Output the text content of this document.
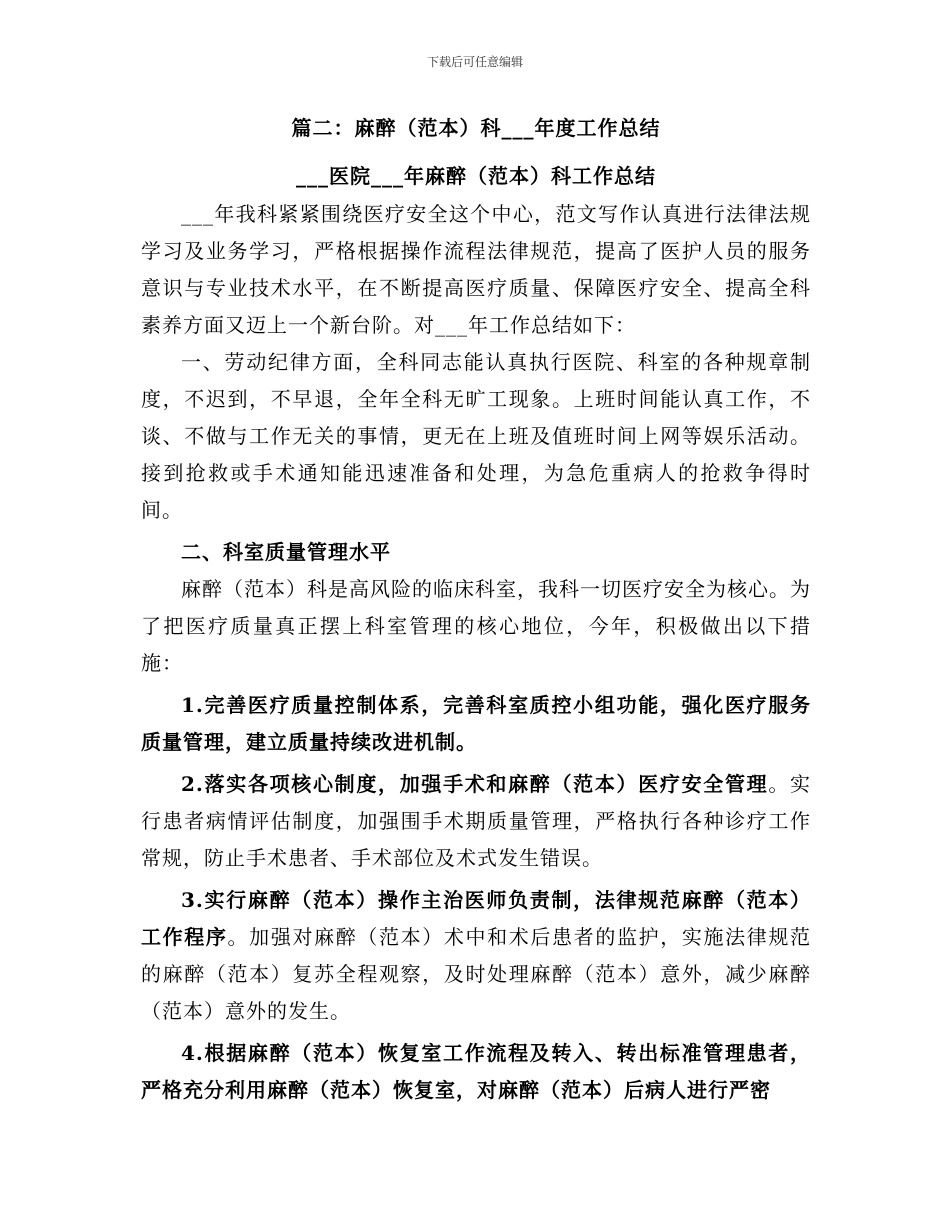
下载后可任意编辑
篇二：麻醉（范本）科___年度工作总结
___医院___年麻醉（范本）科工作总结

___年我科紧紧围绕医疗安全这个中心，范文写作认真进行法律法规学习及业务学习，严格根据操作流程法律规范，提高了医护人员的服务意识与专业技术水平，在不断提高医疗质量、保障医疗安全、提高全科素养方面又迈上一个新台阶。对___年工作总结如下：

一、劳动纪律方面，全科同志能认真执行医院、科室的各种规章制度，不迟到，不早退，全年全科无旷工现象。上班时间能认真工作，不谈、不做与工作无关的事情，更无在上班及值班时间上网等娱乐活动。接到抢救或手术通知能迅速准备和处理，为急危重病人的抢救争得时间。

二、科室质量管理水平

麻醉（范本）科是高风险的临床科室，我科一切医疗安全为核心。为了把医疗质量真正摆上科室管理的核心地位，今年，积极做出以下措施：

1.完善医疗质量控制体系，完善科室质控小组功能，强化医疗服务质量管理，建立质量持续改进机制。

2.落实各项核心制度，加强手术和麻醉（范本）医疗安全管理。实行患者病情评估制度，加强围手术期质量管理，严格执行各种诊疗工作常规，防止手术患者、手术部位及术式发生错误。

3.实行麻醉（范本）操作主治医师负责制，法律规范麻醉（范本）工作程序。加强对麻醉（范本）术中和术后患者的监护，实施法律规范的麻醉（范本）复苏全程观察，及时处理麻醉（范本）意外，减少麻醉（范本）意外的发生。

4.根据麻醉（范本）恢复室工作流程及转入、转出标准管理患者，严格充分利用麻醉（范本）恢复室，对麻醉（范本）后病人进行严密
